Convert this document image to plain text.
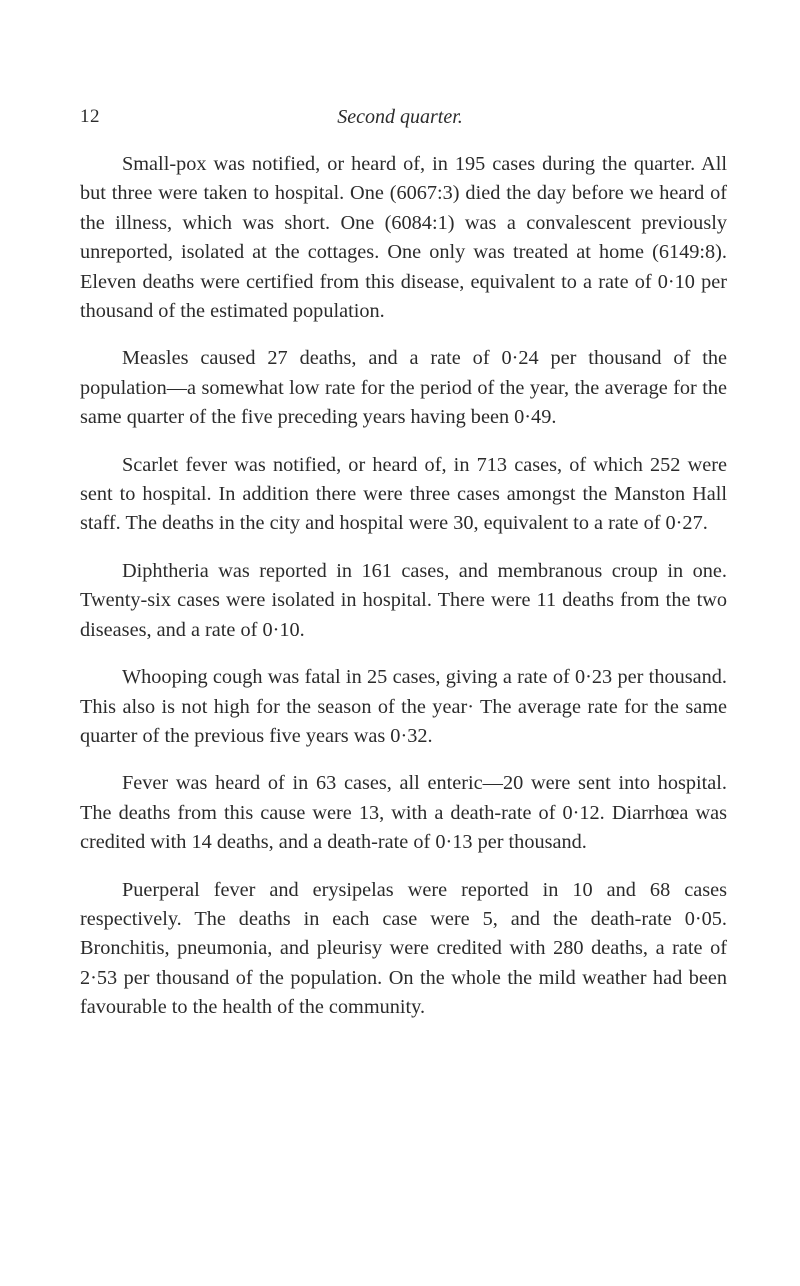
12	Second quarter.

Small-pox was notified, or heard of, in 195 cases during the quarter. All but three were taken to hospital. One (6067:3) died the day before we heard of the illness, which was short. One (6084:1) was a convalescent previously unreported, isolated at the cottages. One only was treated at home (6149:8). Eleven deaths were certified from this disease, equivalent to a rate of 0·10 per thousand of the estimated population.

Measles caused 27 deaths, and a rate of 0·24 per thousand of the population—a somewhat low rate for the period of the year, the average for the same quarter of the five preceding years having been 0·49.

Scarlet fever was notified, or heard of, in 713 cases, of which 252 were sent to hospital. In addition there were three cases amongst the Manston Hall staff. The deaths in the city and hospital were 30, equivalent to a rate of 0·27.

Diphtheria was reported in 161 cases, and membranous croup in one. Twenty-six cases were isolated in hospital. There were 11 deaths from the two diseases, and a rate of 0·10.

Whooping cough was fatal in 25 cases, giving a rate of 0·23 per thousand. This also is not high for the season of the year· The average rate for the same quarter of the previous five years was 0·32.

Fever was heard of in 63 cases, all enteric—20 were sent into hospital. The deaths from this cause were 13, with a death-rate of 0·12. Diarrhœa was credited with 14 deaths, and a death-rate of 0·13 per thousand.

Puerperal fever and erysipelas were reported in 10 and 68 cases respectively. The deaths in each case were 5, and the death-rate 0·05. Bronchitis, pneumonia, and pleurisy were credited with 280 deaths, a rate of 2·53 per thousand of the population. On the whole the mild weather had been favourable to the health of the community.
